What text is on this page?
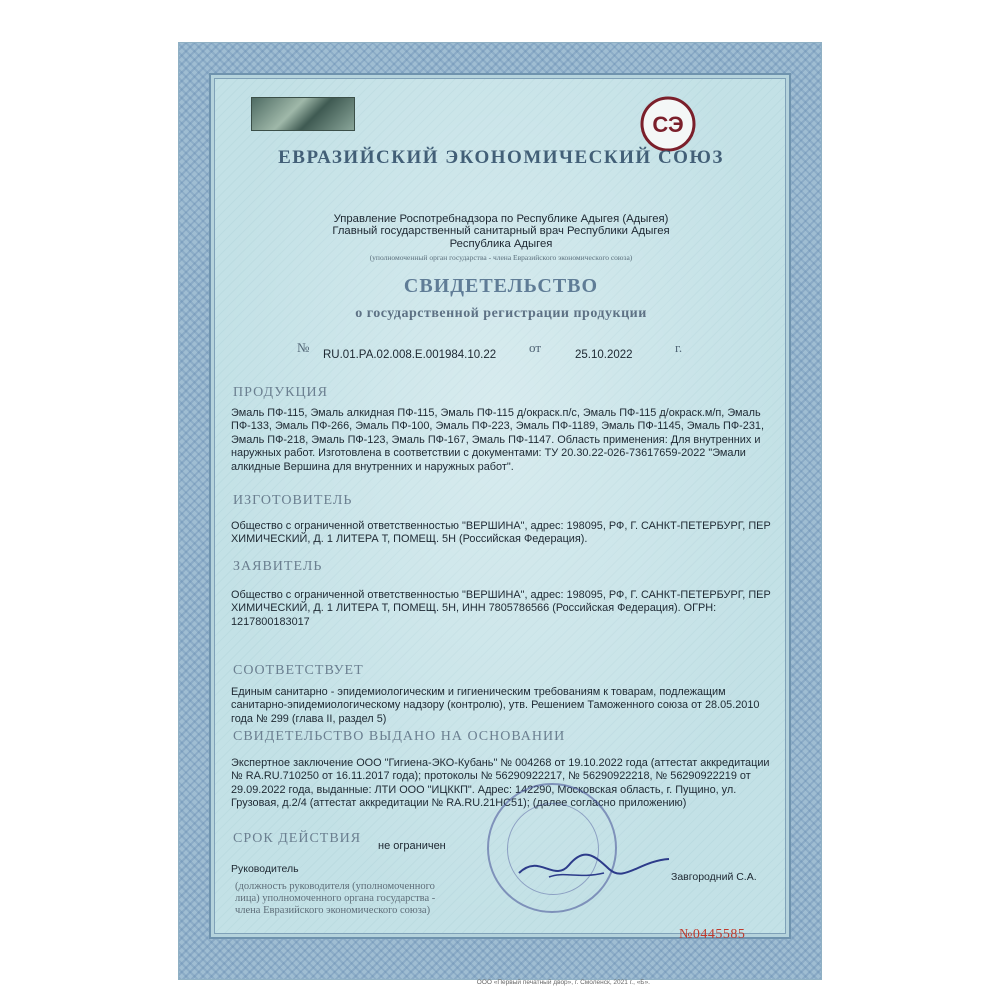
СЭ
ЕВРАЗИЙСКИЙ ЭКОНОМИЧЕСКИЙ СОЮЗ
Управление Роспотребнадзора по Республике Адыгея (Адыгея)
Главный государственный санитарный врач Республики Адыгея
Республика Адыгея
(уполномоченный орган государства - члена Евразийского экономического союза)
СВИДЕТЕЛЬСТВО
о государственной регистрации продукции
№ RU.01.РА.02.008.Е.001984.10.22	от	25.10.2022	г.
ПРОДУКЦИЯ
Эмаль ПФ-115, Эмаль алкидная ПФ-115, Эмаль ПФ-115 д/окраск.п/с, Эмаль ПФ-115 д/окраск.м/п, Эмаль
ПФ-133, Эмаль ПФ-266, Эмаль ПФ-100, Эмаль ПФ-223, Эмаль ПФ-1189, Эмаль ПФ-1145, Эмаль ПФ-231,
Эмаль ПФ-218, Эмаль ПФ-123, Эмаль ПФ-167, Эмаль ПФ-1147. Область применения: Для внутренних и
наружных работ. Изготовлена в соответствии с документами: ТУ 20.30.22-026-73617659-2022 "Эмали
алкидные Вершина для внутренних и наружных работ".
ИЗГОТОВИТЕЛЬ
Общество с ограниченной ответственностью "ВЕРШИНА", адрес: 198095, РФ, Г. САНКТ-ПЕТЕРБУРГ, ПЕР
ХИМИЧЕСКИЙ, Д. 1 ЛИТЕРА Т, ПОМЕЩ. 5Н (Российская Федерация).
ЗАЯВИТЕЛЬ
Общество с ограниченной ответственностью "ВЕРШИНА", адрес: 198095, РФ, Г. САНКТ-ПЕТЕРБУРГ, ПЕР
ХИМИЧЕСКИЙ, Д. 1 ЛИТЕРА Т, ПОМЕЩ. 5Н, ИНН 7805786566 (Российская Федерация). ОГРН:
1217800183017
СООТВЕТСТВУЕТ
Единым санитарно - эпидемиологическим и гигиеническим требованиям к товарам, подлежащим
санитарно-эпидемиологическому надзору (контролю), утв. Решением Таможенного союза от 28.05.2010
года № 299 (глава II, раздел 5)
СВИДЕТЕЛЬСТВО ВЫДАНО НА ОСНОВАНИИ
Экспертное заключение ООО "Гигиена-ЭКО-Кубань" № 004268 от 19.10.2022 года (аттестат аккредитации
№ RA.RU.710250 от 16.11.2017 года); протоколы № 56290922217, № 56290922218, № 56290922219 от
29.09.2022 года, выданные: ЛТИ ООО "ИЦККП". Адрес: 142290, Московская область, г. Пущино, ул.
Грузовая, д.2/4 (аттестат аккредитации № RA.RU.21НС51); (далее согласно приложению)
СРОК ДЕЙСТВИЯ не ограничен
Руководитель
Завгородний С.А.
(должность руководителя (уполномоченного
лица) уполномоченного органа государства -
члена Евразийского экономического союза)
№0445585
ООО «Первый печатный двор», г. Смоленск, 2021 г., «Б».
